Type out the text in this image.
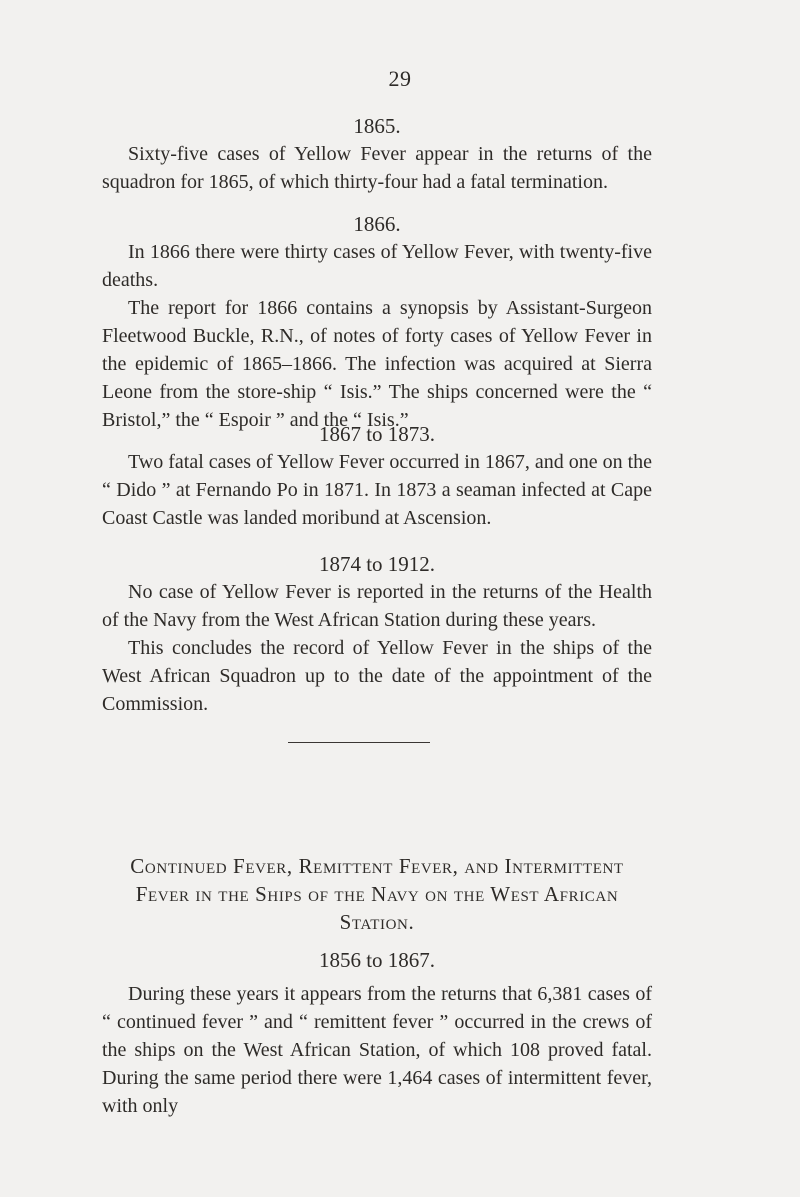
29

1865.

Sixty-five cases of Yellow Fever appear in the returns of the squadron for 1865, of which thirty-four had a fatal termination.

1866.

In 1866 there were thirty cases of Yellow Fever, with twenty-five deaths.

The report for 1866 contains a synopsis by Assistant-Surgeon Fleetwood Buckle, R.N., of notes of forty cases of Yellow Fever in the epidemic of 1865–1866. The infection was acquired at Sierra Leone from the store-ship “ Isis.” The ships concerned were the “ Bristol,” the “ Espoir ” and the “ Isis.”

1867 to 1873.

Two fatal cases of Yellow Fever occurred in 1867, and one on the “ Dido ” at Fernando Po in 1871. In 1873 a seaman infected at Cape Coast Castle was landed moribund at Ascension.

1874 to 1912.

No case of Yellow Fever is reported in the returns of the Health of the Navy from the West African Station during these years.

This concludes the record of Yellow Fever in the ships of the West African Squadron up to the date of the appointment of the Commission.

Continued Fever, Remittent Fever, and Intermittent Fever in the Ships of the Navy on the West African Station.

1856 to 1867.

During these years it appears from the returns that 6,381 cases of “ continued fever ” and “ remittent fever ” occurred in the crews of the ships on the West African Station, of which 108 proved fatal. During the same period there were 1,464 cases of intermittent fever, with only
